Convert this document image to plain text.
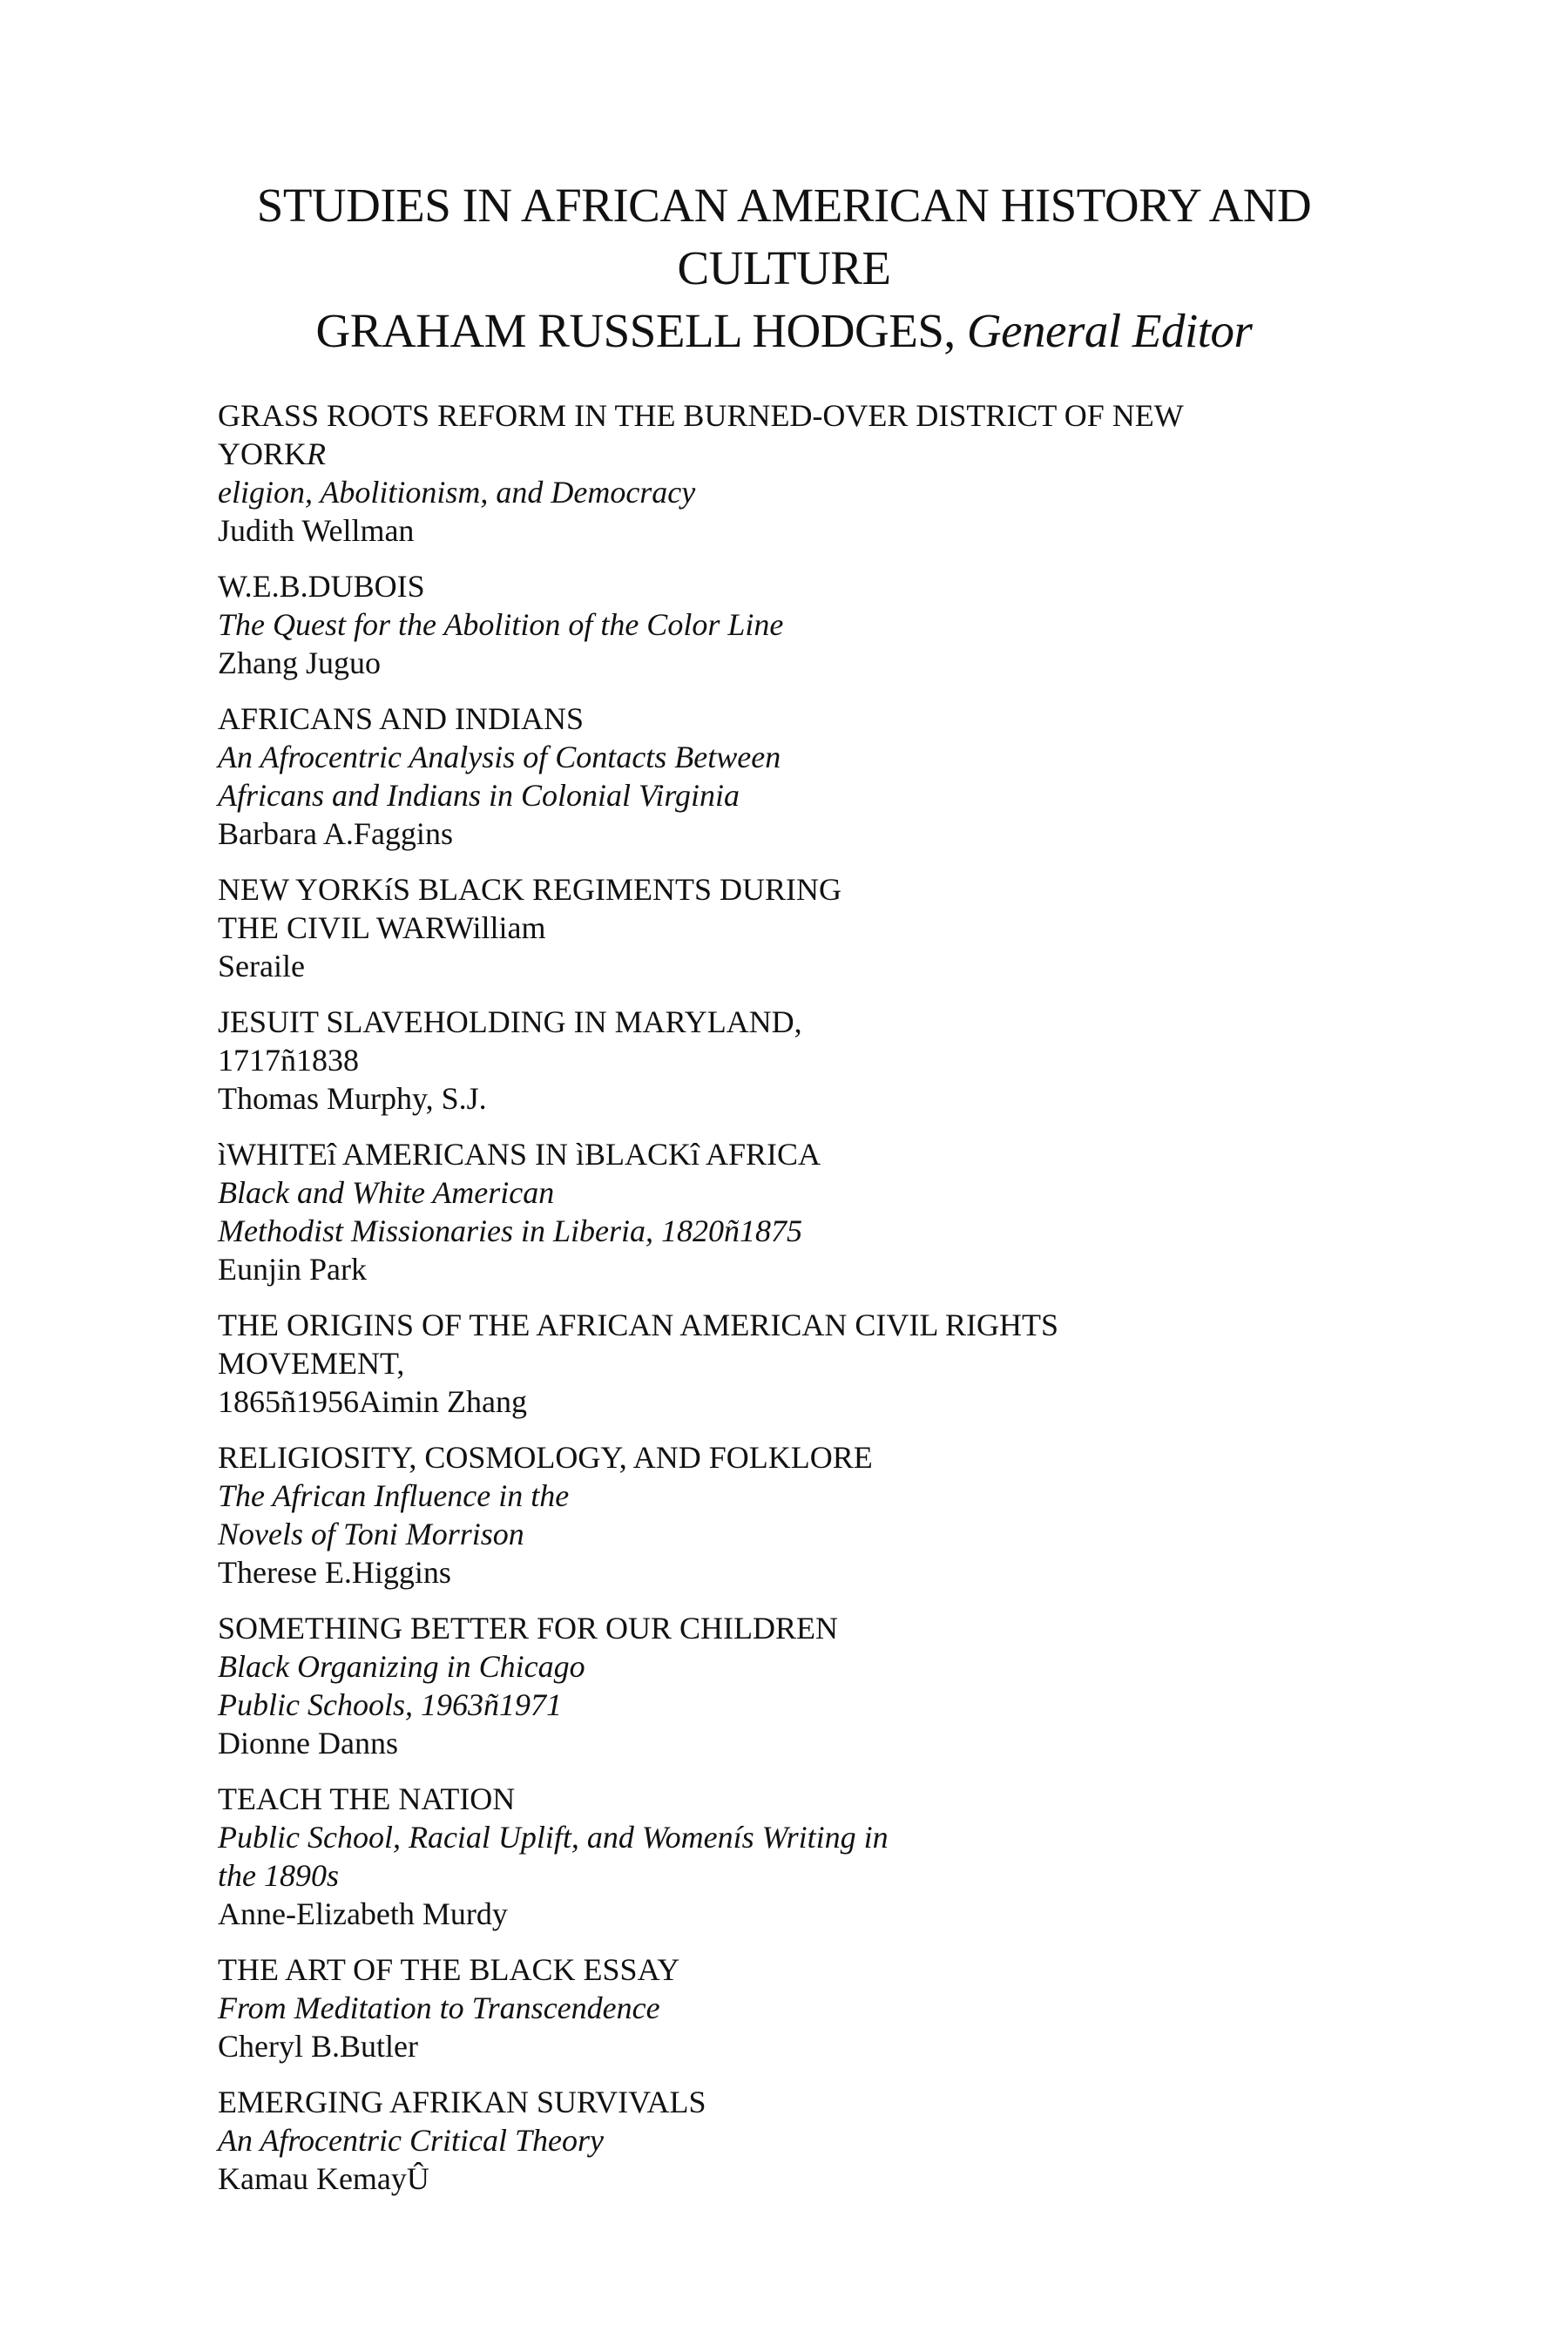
STUDIES IN AFRICAN AMERICAN HISTORY AND
CULTURE
GRAHAM RUSSELL HODGES, General Editor
GRASS ROOTS REFORM IN THE BURNED-OVER DISTRICT OF NEW
YORKR
eligion, Abolitionism, and Democracy
Judith Wellman
W.E.B.DUBOIS
The Quest for the Abolition of the Color Line
Zhang Juguo
AFRICANS AND INDIANS
An Afrocentric Analysis of Contacts Between
Africans and Indians in Colonial Virginia
Barbara A.Faggins
NEW YORKíS BLACK REGIMENTS DURING
THE CIVIL WARWilliam
Seraile
JESUIT SLAVEHOLDING IN MARYLAND,
1717ñ1838
Thomas Murphy, S.J.
ìWHITEî AMERICANS IN ìBLACKî AFRICA
Black and White American
Methodist Missionaries in Liberia, 1820ñ1875
Eunjin Park
THE ORIGINS OF THE AFRICAN AMERICAN CIVIL RIGHTS
MOVEMENT,
1865ñ1956Aimin Zhang
RELIGIOSITY, COSMOLOGY, AND FOLKLORE
The African Influence in the
Novels of Toni Morrison
Therese E.Higgins
SOMETHING BETTER FOR OUR CHILDREN
Black Organizing in Chicago
Public Schools, 1963ñ1971
Dionne Danns
TEACH THE NATION
Public School, Racial Uplift, and Womenís Writing in
the 1890s
Anne-Elizabeth Murdy
THE ART OF THE BLACK ESSAY
From Meditation to Transcendence
Cheryl B.Butler
EMERGING AFRIKAN SURVIVALS
An Afrocentric Critical Theory
Kamau KemayÛ
